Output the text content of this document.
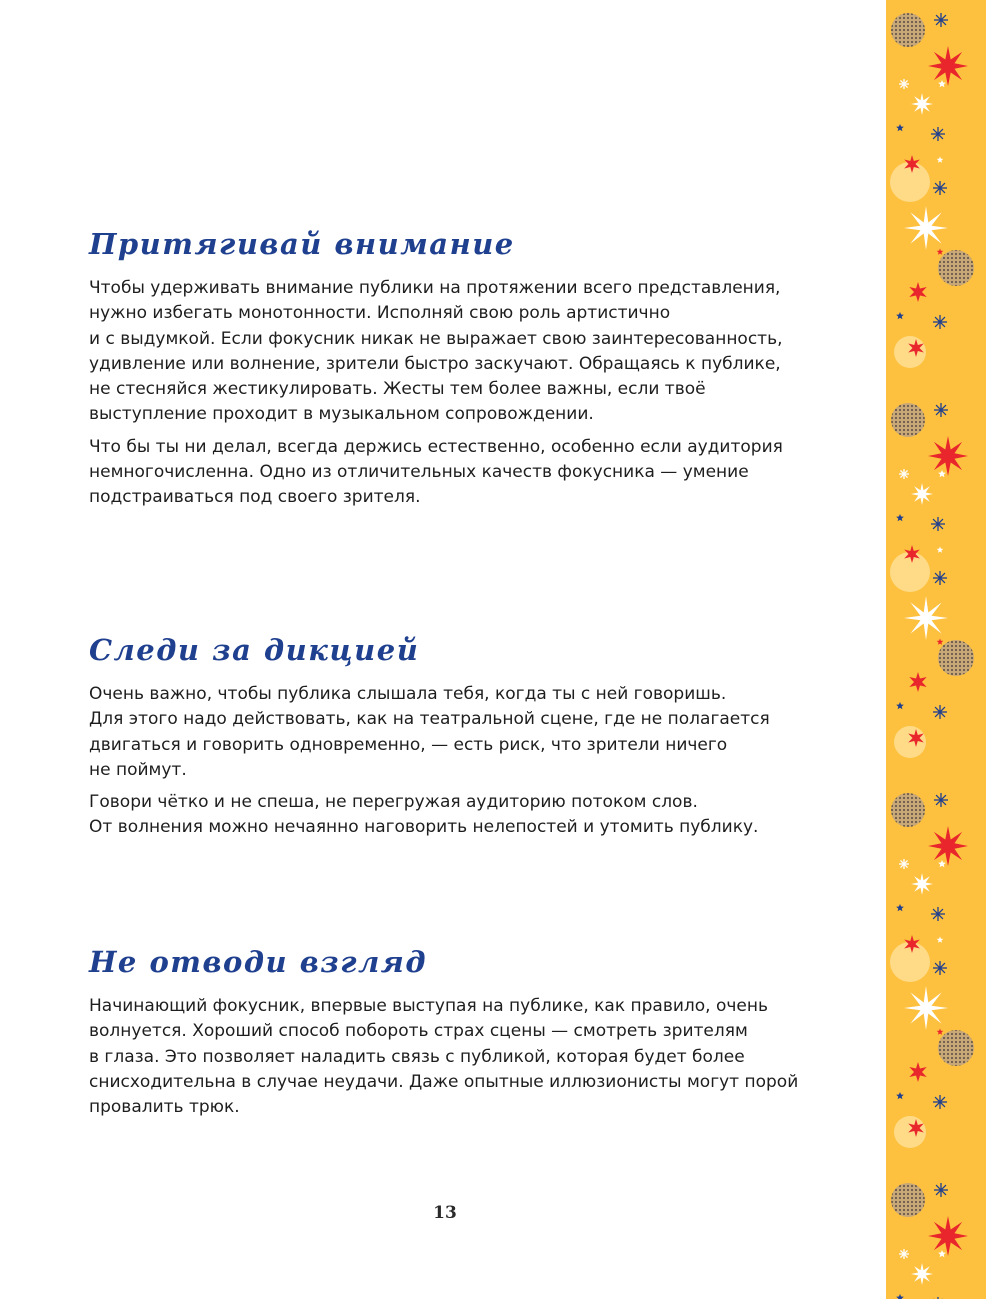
Притягивай внимание

Чтобы удерживать внимание публики на протяжении всего представления,
нужно избегать монотонности. Исполняй свою роль артистично
и с выдумкой. Если фокусник никак не выражает свою заинтересованность,
удивление или волнение, зрители быстро заскучают. Обращаясь к публике,
не стесняйся жестикулировать. Жесты тем более важны, если твоё
выступление проходит в музыкальном сопровождении.

Что бы ты ни делал, всегда держись естественно, особенно если аудитория
немногочисленна. Одно из отличительных качеств фокусника — умение
подстраиваться под своего зрителя.

Следи за дикцией

Очень важно, чтобы публика слышала тебя, когда ты с ней говоришь.
Для этого надо действовать, как на театральной сцене, где не полагается
двигаться и говорить одновременно, — есть риск, что зрители ничего
не поймут.

Говори чётко и не спеша, не перегружая аудиторию потоком слов.
От волнения можно нечаянно наговорить нелепостей и утомить публику.

Не отводи взгляд

Начинающий фокусник, впервые выступая на публике, как правило, очень
волнуется. Хороший способ побороть страх сцены — смотреть зрителям
в глаза. Это позволяет наладить связь с публикой, которая будет более
снисходительна в случае неудачи. Даже опытные иллюзионисты могут порой
провалить трюк.

13
